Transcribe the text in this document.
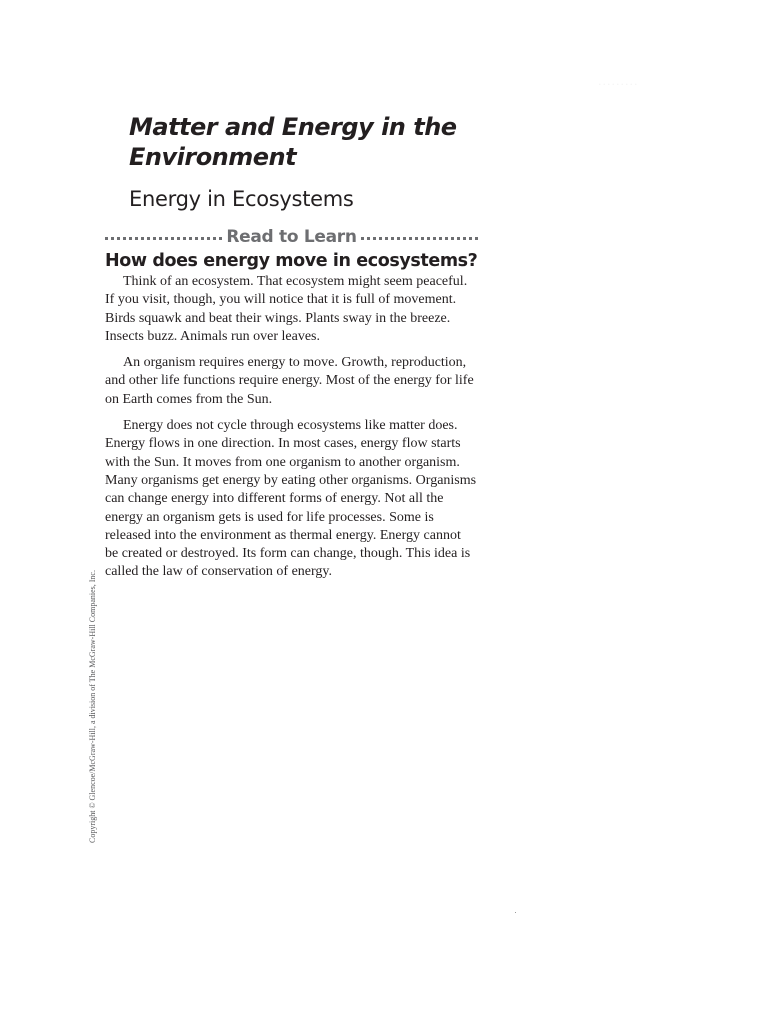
·········
Matter and Energy in the Environment
Energy in Ecosystems
Read to Learn
How does energy move in ecosystems?

Think of an ecosystem. That ecosystem might seem peaceful. If you visit, though, you will notice that it is full of movement. Birds squawk and beat their wings. Plants sway in the breeze. Insects buzz. Animals run over leaves.

An organism requires energy to move. Growth, reproduction, and other life functions require energy. Most of the energy for life on Earth comes from the Sun.

Energy does not cycle through ecosystems like matter does. Energy flows in one direction. In most cases, energy flow starts with the Sun. It moves from one organism to another organism. Many organisms get energy by eating other organisms. Organisms can change energy into different forms of energy. Not all the energy an organism gets is used for life processes. Some is released into the environment as thermal energy. Energy cannot be created or destroyed. Its form can change, though. This idea is called the law of conservation of energy.

Copyright © Glencoe/McGraw-Hill, a division of The McGraw-Hill Companies, Inc.
